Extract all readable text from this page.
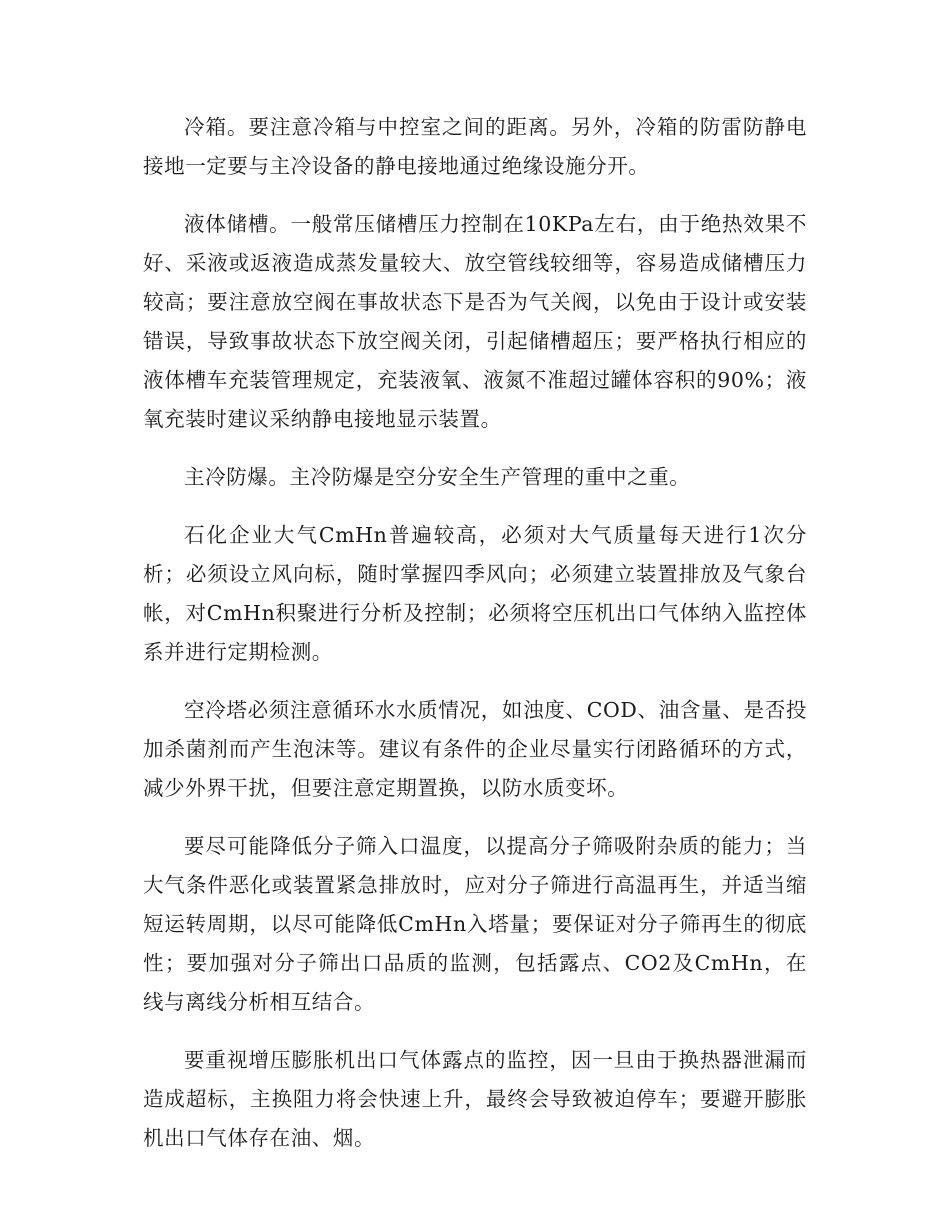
冷箱。要注意冷箱与中控室之间的距离。另外，冷箱的防雷防静电接地一定要与主冷设备的静电接地通过绝缘设施分开。

液体储槽。一般常压储槽压力控制在10KPa左右，由于绝热效果不好、采液或返液造成蒸发量较大、放空管线较细等，容易造成储槽压力较高；要注意放空阀在事故状态下是否为气关阀，以免由于设计或安装错误，导致事故状态下放空阀关闭，引起储槽超压；要严格执行相应的液体槽车充装管理规定，充装液氧、液氮不准超过罐体容积的90%；液氧充装时建议采纳静电接地显示装置。

主冷防爆。主冷防爆是空分安全生产管理的重中之重。

石化企业大气CmHn普遍较高，必须对大气质量每天进行1次分析；必须设立风向标，随时掌握四季风向；必须建立装置排放及气象台帐，对CmHn积聚进行分析及控制；必须将空压机出口气体纳入监控体系并进行定期检测。

空冷塔必须注意循环水水质情况，如浊度、COD、油含量、是否投加杀菌剂而产生泡沫等。建议有条件的企业尽量实行闭路循环的方式，减少外界干扰，但要注意定期置换，以防水质变坏。

要尽可能降低分子筛入口温度，以提高分子筛吸附杂质的能力；当大气条件恶化或装置紧急排放时，应对分子筛进行高温再生，并适当缩短运转周期，以尽可能降低CmHn入塔量；要保证对分子筛再生的彻底性；要加强对分子筛出口品质的监测，包括露点、CO2及CmHn，在线与离线分析相互结合。

要重视增压膨胀机出口气体露点的监控，因一旦由于换热器泄漏而造成超标，主换阻力将会快速上升，最终会导致被迫停车；要避开膨胀机出口气体存在油、烟。
